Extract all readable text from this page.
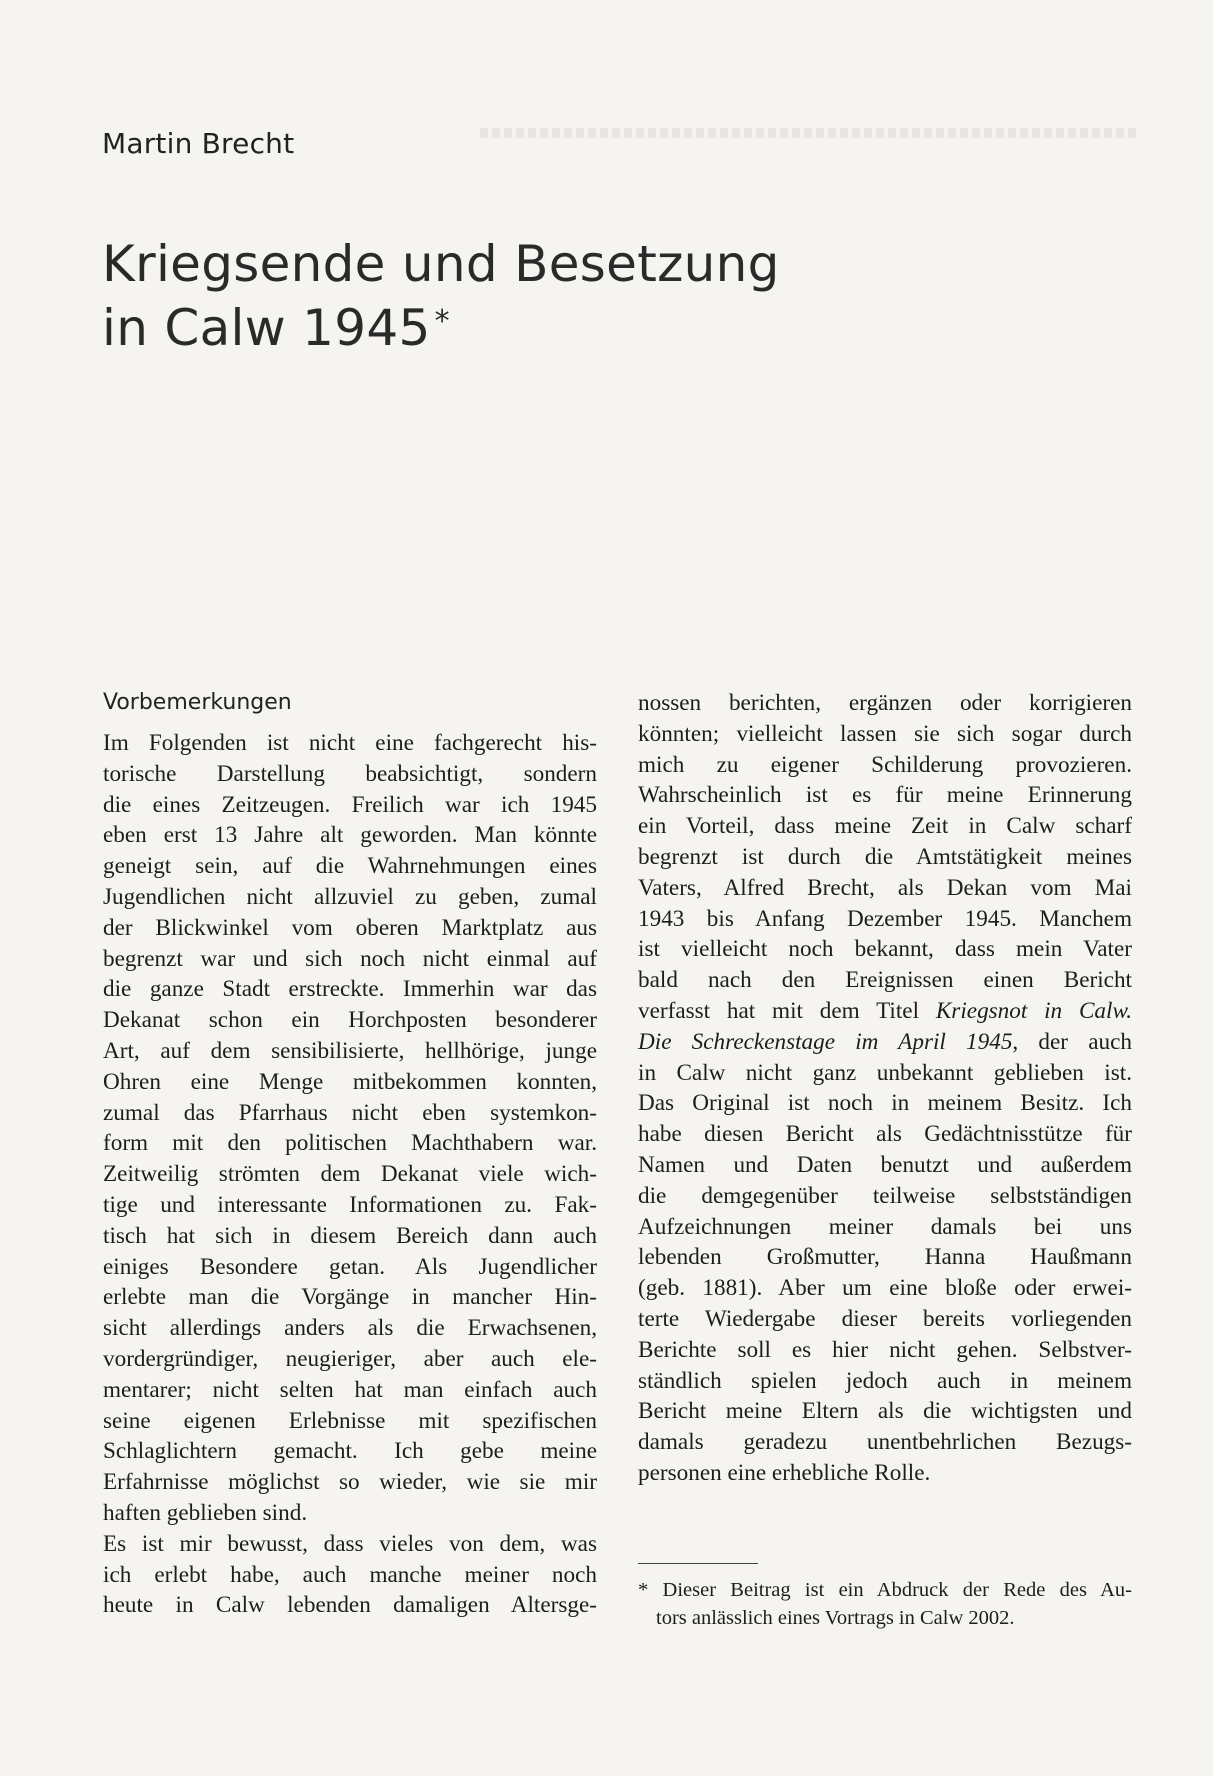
Martin Brecht
Kriegsende und Besetzung
in Calw 1945 *
Vorbemerkungen
Im Folgenden ist nicht eine fachgerecht his-
torische Darstellung beabsichtigt, sondern
die eines Zeitzeugen. Freilich war ich 1945
eben erst 13 Jahre alt geworden. Man könnte
geneigt sein, auf die Wahrnehmungen eines
Jugendlichen nicht allzuviel zu geben, zumal
der Blickwinkel vom oberen Marktplatz aus
begrenzt war und sich noch nicht einmal auf
die ganze Stadt erstreckte. Immerhin war das
Dekanat schon ein Horchposten besonderer
Art, auf dem sensibilisierte, hellhörige, junge
Ohren eine Menge mitbekommen konnten,
zumal das Pfarrhaus nicht eben systemkon-
form mit den politischen Machthabern war.
Zeitweilig strömten dem Dekanat viele wich-
tige und interessante Informationen zu. Fak-
tisch hat sich in diesem Bereich dann auch
einiges Besondere getan. Als Jugendlicher
erlebte man die Vorgänge in mancher Hin-
sicht allerdings anders als die Erwachsenen,
vordergründiger, neugieriger, aber auch ele-
mentarer; nicht selten hat man einfach auch
seine eigenen Erlebnisse mit spezifischen
Schlaglichtern gemacht. Ich gebe meine
Erfahrnisse möglichst so wieder, wie sie mir
haften geblieben sind.
Es ist mir bewusst, dass vieles von dem, was
ich erlebt habe, auch manche meiner noch
heute in Calw lebenden damaligen Altersge-
nossen berichten, ergänzen oder korrigieren
könnten; vielleicht lassen sie sich sogar durch
mich zu eigener Schilderung provozieren.
Wahrscheinlich ist es für meine Erinnerung
ein Vorteil, dass meine Zeit in Calw scharf
begrenzt ist durch die Amtstätigkeit meines
Vaters, Alfred Brecht, als Dekan vom Mai
1943 bis Anfang Dezember 1945. Manchem
ist vielleicht noch bekannt, dass mein Vater
bald nach den Ereignissen einen Bericht
verfasst hat mit dem Titel Kriegsnot in Calw.
Die Schreckenstage im April 1945, der auch
in Calw nicht ganz unbekannt geblieben ist.
Das Original ist noch in meinem Besitz. Ich
habe diesen Bericht als Gedächtnisstütze für
Namen und Daten benutzt und außerdem
die demgegenüber teilweise selbstständigen
Aufzeichnungen meiner damals bei uns
lebenden Großmutter, Hanna Haußmann
(geb. 1881). Aber um eine bloße oder erwei-
terte Wiedergabe dieser bereits vorliegenden
Berichte soll es hier nicht gehen. Selbstver-
ständlich spielen jedoch auch in meinem
Bericht meine Eltern als die wichtigsten und
damals geradezu unentbehrlichen Bezugs-
personen eine erhebliche Rolle.
* Dieser Beitrag ist ein Abdruck der Rede des Au-
tors anlässlich eines Vortrags in Calw 2002.
